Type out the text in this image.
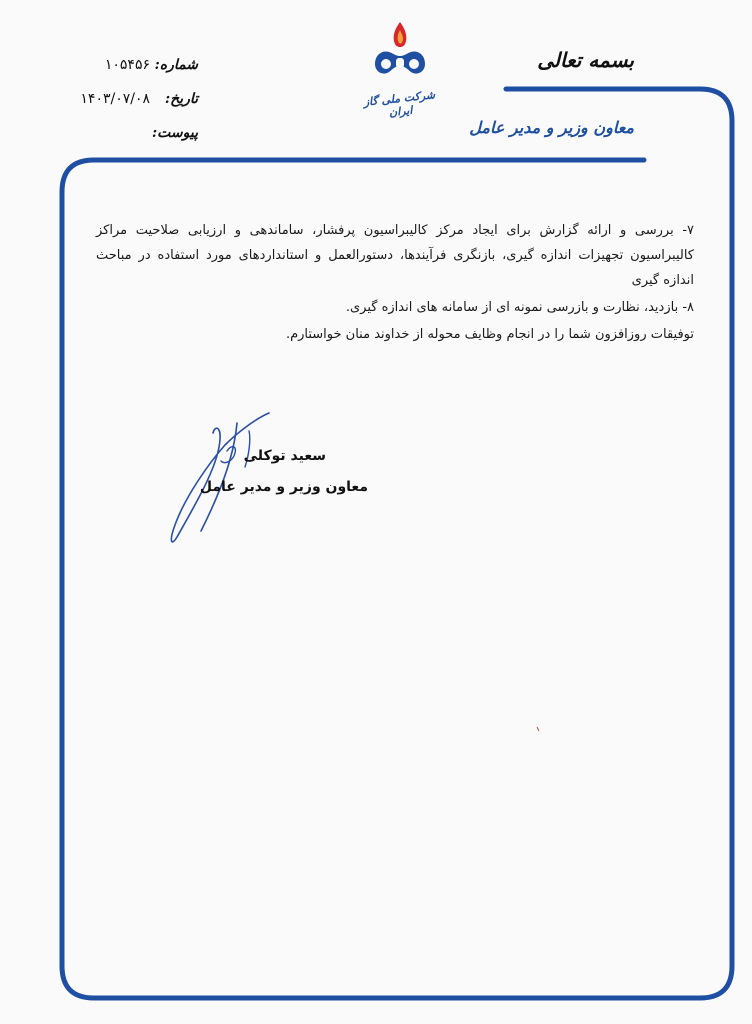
بسمه تعالی
شرکت ملی گاز ایران
شماره:
۱۰۵۴۵۶
تاریخ:
۱۴۰۳/۰۷/۰۸
پیوست:	معاون وزیر و مدیر عامل

۷- بررسی و ارائه گزارش برای ایجاد مرکز کالیبراسیون پرفشار، ساماندهی و ارزیابی صلاحیت مراکز کالیبراسیون تجهیزات اندازه گیری، بازنگری فرآیندها، دستورالعمل و استانداردهای مورد استفاده در مباحث اندازه گیری

۸- بازدید، نظارت و بازرسی نمونه ای از سامانه های اندازه گیری.

توفیقات روزافزون شما را در انجام وظایف محوله از خداوند منان خواستارم.

سعید توکلی
معاون وزیر و مدیر عامل
